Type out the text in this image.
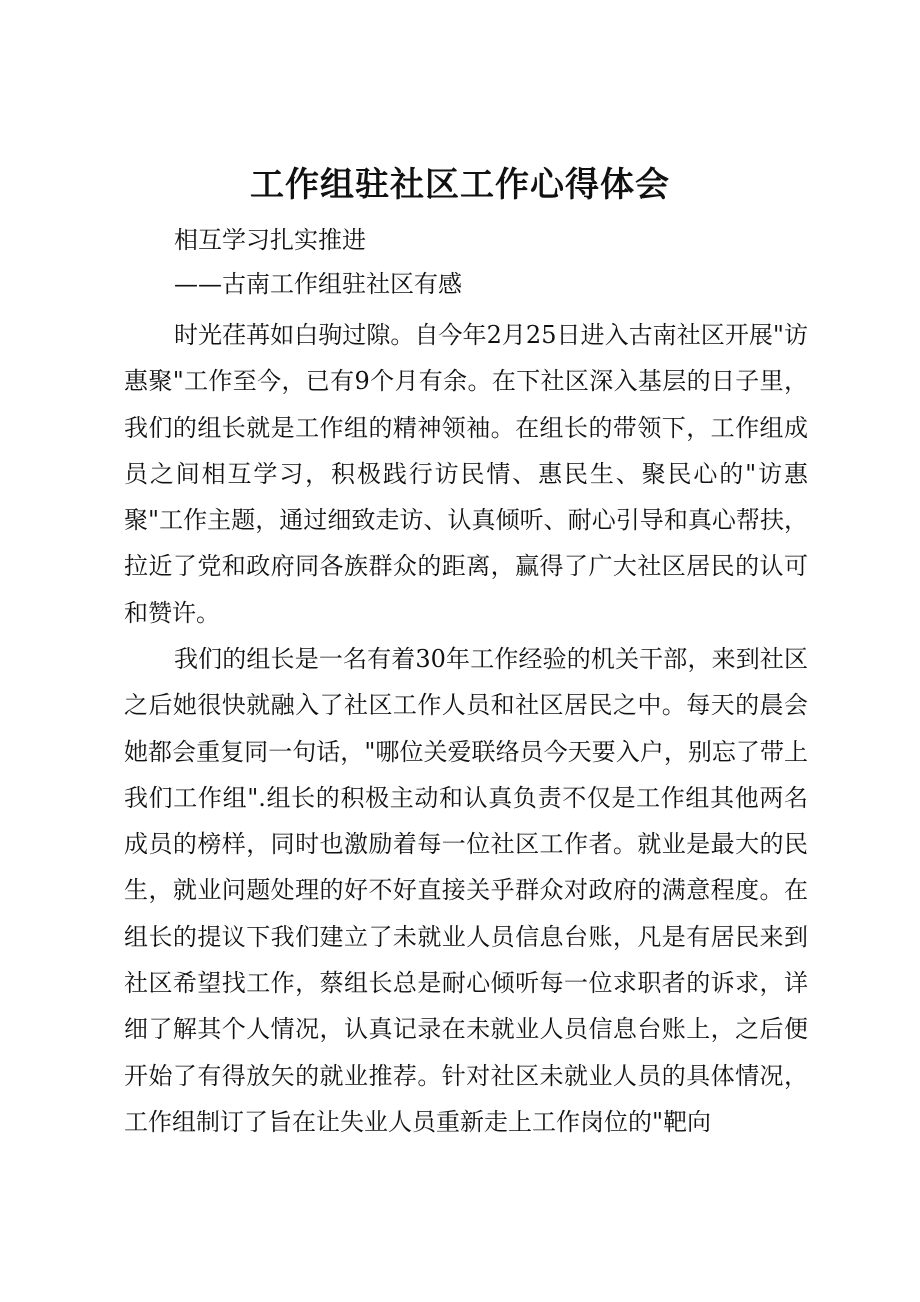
工作组驻社区工作心得体会

相互学习扎实推进

——古南工作组驻社区有感

时光荏苒如白驹过隙。自今年2月25日进入古南社区开展"访惠聚"工作至今，已有9个月有余。在下社区深入基层的日子里，我们的组长就是工作组的精神领袖。在组长的带领下，工作组成员之间相互学习，积极践行访民情、惠民生、聚民心的"访惠聚"工作主题，通过细致走访、认真倾听、耐心引导和真心帮扶，拉近了党和政府同各族群众的距离，赢得了广大社区居民的认可和赞许。

我们的组长是一名有着30年工作经验的机关干部，来到社区之后她很快就融入了社区工作人员和社区居民之中。每天的晨会她都会重复同一句话，"哪位关爱联络员今天要入户，别忘了带上我们工作组".组长的积极主动和认真负责不仅是工作组其他两名成员的榜样，同时也激励着每一位社区工作者。就业是最大的民生，就业问题处理的好不好直接关乎群众对政府的满意程度。在组长的提议下我们建立了未就业人员信息台账，凡是有居民来到社区希望找工作，蔡组长总是耐心倾听每一位求职者的诉求，详细了解其个人情况，认真记录在未就业人员信息台账上，之后便开始了有得放矢的就业推荐。针对社区未就业人员的具体情况，工作组制订了旨在让失业人员重新走上工作岗位的"靶向
